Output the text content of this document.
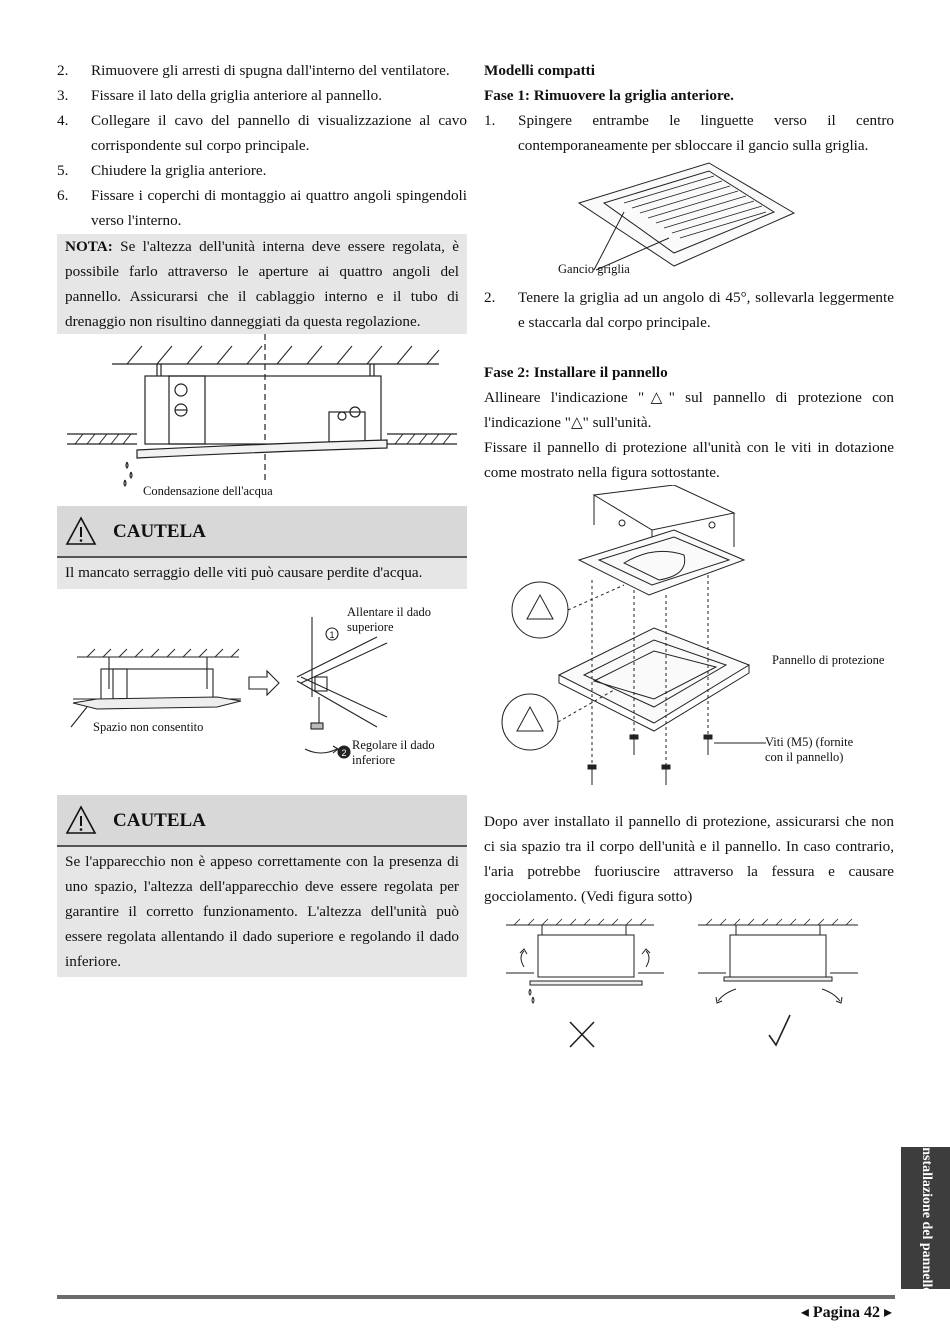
2.	Rimuovere gli arresti di spugna dall'interno del ventilatore.
3.	Fissare il lato della griglia anteriore al pannello.
4.	Collegare il cavo del pannello di visualizzazione al cavo corrispondente sul corpo principale.
5.	Chiudere la griglia anteriore.
6.	Fissare i coperchi di montaggio ai quattro angoli spingendoli verso l'interno.
NOTA: Se l'altezza dell'unità interna deve essere regolata, è possibile farlo attraverso le aperture ai quattro angoli del pannello. Assicurarsi che il cablaggio interno e il tubo di drenaggio non risultino danneggiati da questa regolazione.
Condensazione dell'acqua
CAUTELA
Il mancato serraggio delle viti può causare perdite d'acqua.
1
2
Allentare il dado superiore
Spazio non consentito
Regolare il dado inferiore
CAUTELA
Se l'apparecchio non è appeso correttamente con la presenza di uno spazio, l'altezza dell'apparecchio deve essere regolata per garantire il corretto funzionamento. L'altezza dell'unità può essere regolata allentando il dado superiore e regolando il dado inferiore.
Modelli compatti
Fase 1: Rimuovere la griglia anteriore.
1.	Spingere entrambe le linguette verso il centro contemporaneamente per sbloccare il gancio sulla griglia.
Gancio griglia
2.	Tenere la griglia ad un angolo di 45°, sollevarla leggermente e staccarla dal corpo principale.
Fase 2: Installare il pannello

Allineare l'indicazione "△" sul pannello di protezione con l'indicazione "△" sull'unità.

Fissare il pannello di protezione all'unità con le viti in dotazione come mostrato nella figura sottostante.

Pannello di protezione
Viti (M5) (fornite con il pannello)

Dopo aver installato il pannello di protezione, assicurarsi che non ci sia spazio tra il corpo dell'unità e il pannello. In caso contrario, l'aria potrebbe fuoriuscire attraverso la fessura e causare gocciolamento. (Vedi figura sotto)

Installazione del pannello
◂ Pagina 42 ▸
